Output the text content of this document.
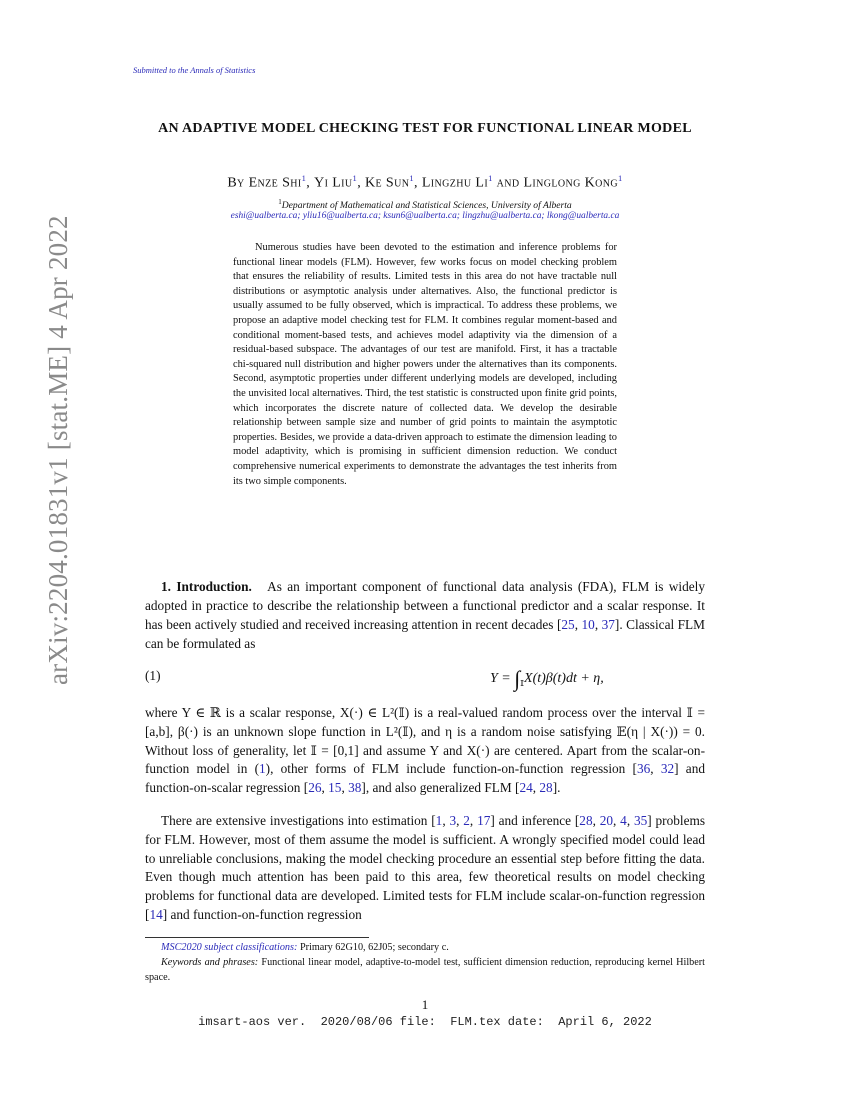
Submitted to the Annals of Statistics
arXiv:2204.01831v1 [stat.ME] 4 Apr 2022
AN ADAPTIVE MODEL CHECKING TEST FOR FUNCTIONAL LINEAR MODEL
By Enze Shi$^1$, Yi Liu$^1$, Ke Sun$^1$, Lingzhu Li$^1$ and Linglong Kong$^1$
$^1$Department of Mathematical and Statistical Sciences, University of Alberta
eshi@ualberta.ca; yliu16@ualberta.ca; ksun6@ualberta.ca; lingzhu@ualberta.ca; lkong@ualberta.ca
Numerous studies have been devoted to the estimation and inference problems for functional linear models (FLM). However, few works focus on model checking problem that ensures the reliability of results. Limited tests in this area do not have tractable null distributions or asymptotic analysis under alternatives. Also, the functional predictor is usually assumed to be fully observed, which is impractical. To address these problems, we propose an adaptive model checking test for FLM. It combines regular moment-based and conditional moment-based tests, and achieves model adaptivity via the dimension of a residual-based subspace. The advantages of our test are manifold. First, it has a tractable chi-squared null distribution and higher powers under the alternatives than its components. Second, asymptotic properties under different underlying models are developed, including the unvisited local alternatives. Third, the test statistic is constructed upon finite grid points, which incorporates the discrete nature of collected data. We develop the desirable relationship between sample size and number of grid points to maintain the asymptotic properties. Besides, we provide a data-driven approach to estimate the dimension leading to model adaptivity, which is promising in sufficient dimension reduction. We conduct comprehensive numerical experiments to demonstrate the advantages the test inherits from its two simple components.
1. Introduction. As an important component of functional data analysis (FDA), FLM is widely adopted in practice to describe the relationship between a functional predictor and a scalar response. It has been actively studied and received increasing attention in recent decades [25, 10, 37]. Classical FLM can be formulated as
(1)	$Y = \int_𝕀X(t)\beta(t)dt + \eta$,
where Y ∈ ℝ is a scalar response, X(·) ∈ L²(𝕀) is a real-valued random process over the interval 𝕀 = [a,b], β(·) is an unknown slope function in L²(𝕀), and η is a random noise satisfying 𝔼(η | X(·)) = 0. Without loss of generality, let 𝕀 = [0,1] and assume Y and X(·) are centered. Apart from the scalar-on-function model in (1), other forms of FLM include function-on-function regression [36, 32] and function-on-scalar regression [26, 15, 38], and also generalized FLM [24, 28].
There are extensive investigations into estimation [1, 3, 2, 17] and inference [28, 20, 4, 35] problems for FLM. However, most of them assume the model is sufficient. A wrongly specified model could lead to unreliable conclusions, making the model checking procedure an essential step before fitting the data. Even though much attention has been paid to this area, few theoretical results on model checking problems for functional data are developed. Limited tests for FLM include scalar-on-function regression [14] and function-on-function regression
MSC2020 subject classifications: Primary 62G10, 62J05; secondary c.
Keywords and phrases: Functional linear model, adaptive-to-model test, sufficient dimension reduction, reproducing kernel Hilbert space.
1
imsart-aos ver.  2020/08/06 file:  FLM.tex date:  April 6, 2022
